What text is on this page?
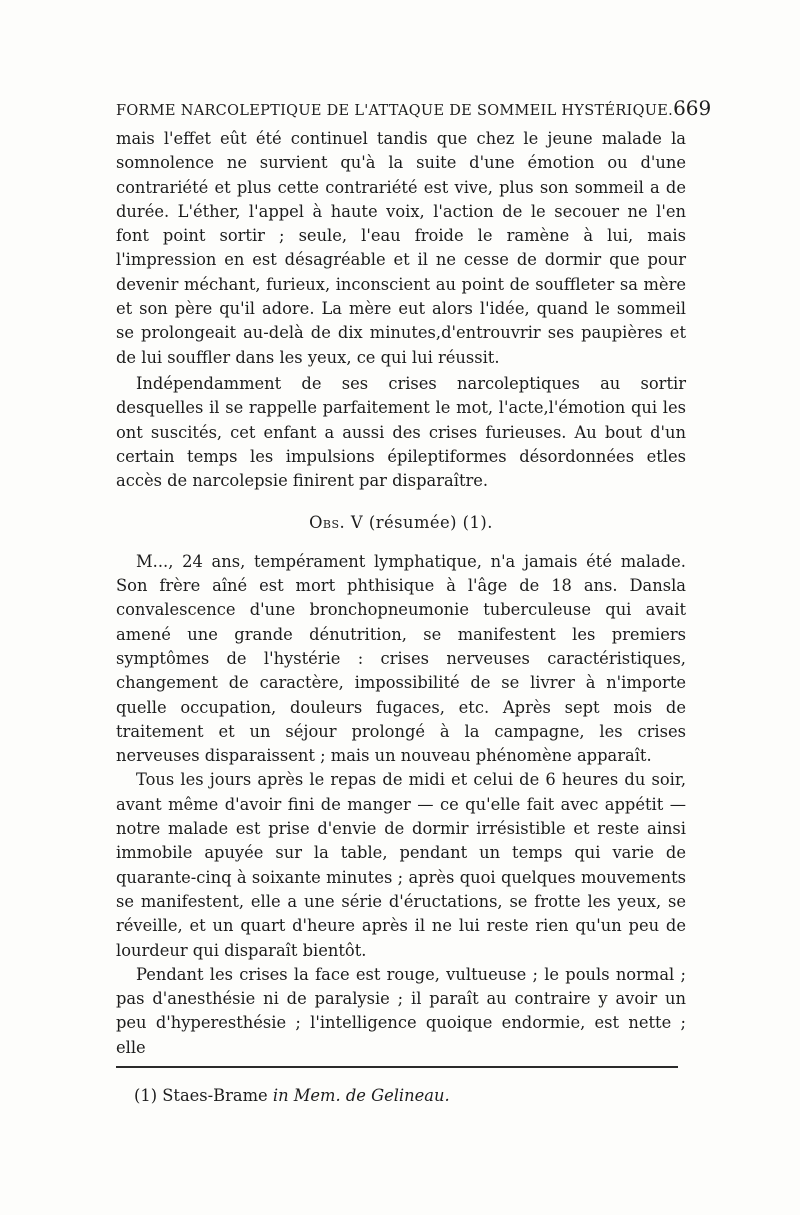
FORME NARCOLEPTIQUE DE L'ATTAQUE DE SOMMEIL HYSTÉRIQUE. 669

mais l'effet eût été continuel tandis que chez le jeune malade la somnolence ne survient qu'à la suite d'une émotion ou d'une contrariété et plus cette contrariété est vive, plus son sommeil a de durée. L'éther, l'appel à haute voix, l'action de le secouer ne l'en font point sortir ; seule, l'eau froide le ramène à lui, mais l'impression en est désagréable et il ne cesse de dormir que pour devenir méchant, furieux, inconscient au point de souffleter sa mère et son père qu'il adore. La mère eut alors l'idée, quand le sommeil se prolongeait au-delà de dix minutes,d'entrouvrir ses paupières et de lui souffler dans les yeux, ce qui lui réussit.

Indépendamment de ses crises narcoleptiques au sortir desquelles il se rappelle parfaitement le mot, l'acte,l'émotion qui les ont suscités, cet enfant a aussi des crises furieuses. Au bout d'un certain temps les impulsions épileptiformes désordonnées etles accès de narcolepsie finirent par disparaître.

Obs. V (résumée) (1).

M..., 24 ans, tempérament lymphatique, n'a jamais été malade. Son frère aîné est mort phthisique à l'âge de 18 ans. Dansla convalescence d'une bronchopneumonie tuberculeuse qui avait amené une grande dénutrition, se manifestent les premiers symptômes de l'hystérie : crises nerveuses caractéristiques, changement de caractère, impossibilité de se livrer à n'importe quelle occupation, douleurs fugaces, etc. Après sept mois de traitement et un séjour prolongé à la campagne, les crises nerveuses disparaissent ; mais un nouveau phénomène apparaît.

Tous les jours après le repas de midi et celui de 6 heures du soir, avant même d'avoir fini de manger — ce qu'elle fait avec appétit — notre malade est prise d'envie de dormir irrésistible et reste ainsi immobile apuyée sur la table, pendant un temps qui varie de quarante-cinq à soixante minutes ; après quoi quelques mouvements se manifestent, elle a une série d'éructations, se frotte les yeux, se réveille, et un quart d'heure après il ne lui reste rien qu'un peu de lourdeur qui disparaît bientôt.

Pendant les crises la face est rouge, vultueuse ; le pouls normal ; pas d'anesthésie ni de paralysie ; il paraît au contraire y avoir un peu d'hyperesthésie ; l'intelligence quoique endormie, est nette ; elle

(1) Staes-Brame in Mem. de Gelineau.
